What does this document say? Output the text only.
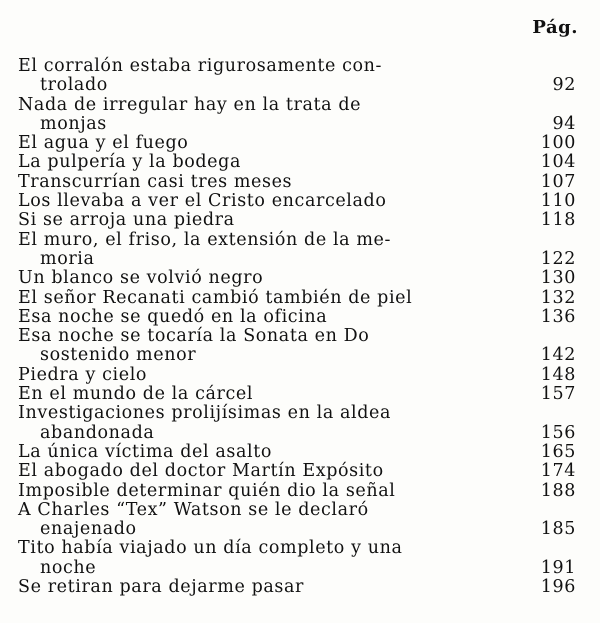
Pág.
El corralón estaba rigurosamente con-
trolado	92
Nada de irregular hay en la trata de
monjas	94
El agua y el fuego	100
La pulpería y la bodega	104
Transcurrían casi tres meses	107
Los llevaba a ver el Cristo encarcelado	110
Si se arroja una piedra	118
El muro, el friso, la extensión de la me-
moria	122
Un blanco se volvió negro	130
El señor Recanati cambió también de piel	132
Esa noche se quedó en la oficina	136
Esa noche se tocaría la Sonata en Do
sostenido menor	142
Piedra y cielo	148
En el mundo de la cárcel	157
Investigaciones prolijísimas en la aldea
abandonada	156
La única víctima del asalto	165
El abogado del doctor Martín Expósito	174
Imposible determinar quién dio la señal	188
A Charles “Tex” Watson se le declaró
enajenado	185
Tito había viajado un día completo y una
noche	191
Se retiran para dejarme pasar	196
